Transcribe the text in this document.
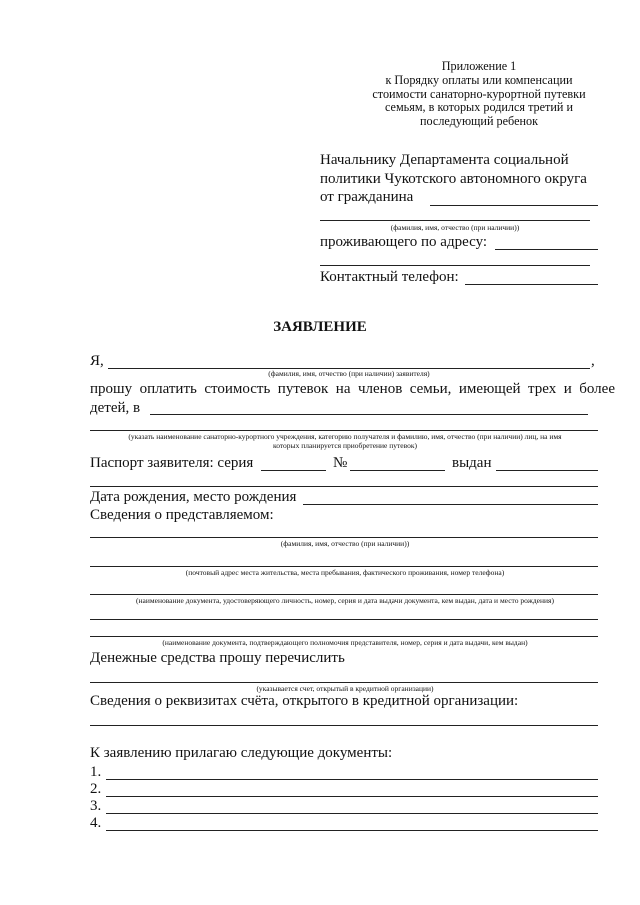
Приложение 1
к Порядку оплаты или компенсации
стоимости санаторно-курортной путевки
семьям, в которых родился третий и
последующий ребенок
Начальнику Департамента социальной
политики Чукотского автономного округа
от гражданина
(фамилия, имя, отчество (при наличии))
проживающего по адресу:
Контактный телефон:
ЗАЯВЛЕНИЕ
Я,	,
(фамилия, имя, отчество (при наличии) заявителя)
прошу  оплатить  стоимость  путевок  на  членов  семьи,  имеющей  трех  и  более
детей, в
(указать наименование санаторно-курортного учреждения, категорию получателя и фамилию, имя, отчество (при наличии) лиц, на имя
которых планируется приобретение путевок)
Паспорт заявителя: серия	№	выдан
Дата рождения, место рождения
Сведения о представляемом:
(фамилия, имя, отчество (при наличии))
(почтовый адрес места жительства, места пребывания, фактического проживания, номер телефона)
(наименование документа, удостоверяющего личность, номер, серия и дата выдачи документа, кем выдан, дата и место рождения)
(наименование документа, подтверждающего полномочия представителя, номер, серия и дата выдачи, кем выдан)
Денежные средства прошу перечислить
(указывается счет, открытый в кредитной организации)
Сведения о реквизитах счёта, открытого в кредитной организации:
К заявлению прилагаю следующие документы:
1.
2.
3.
4.
